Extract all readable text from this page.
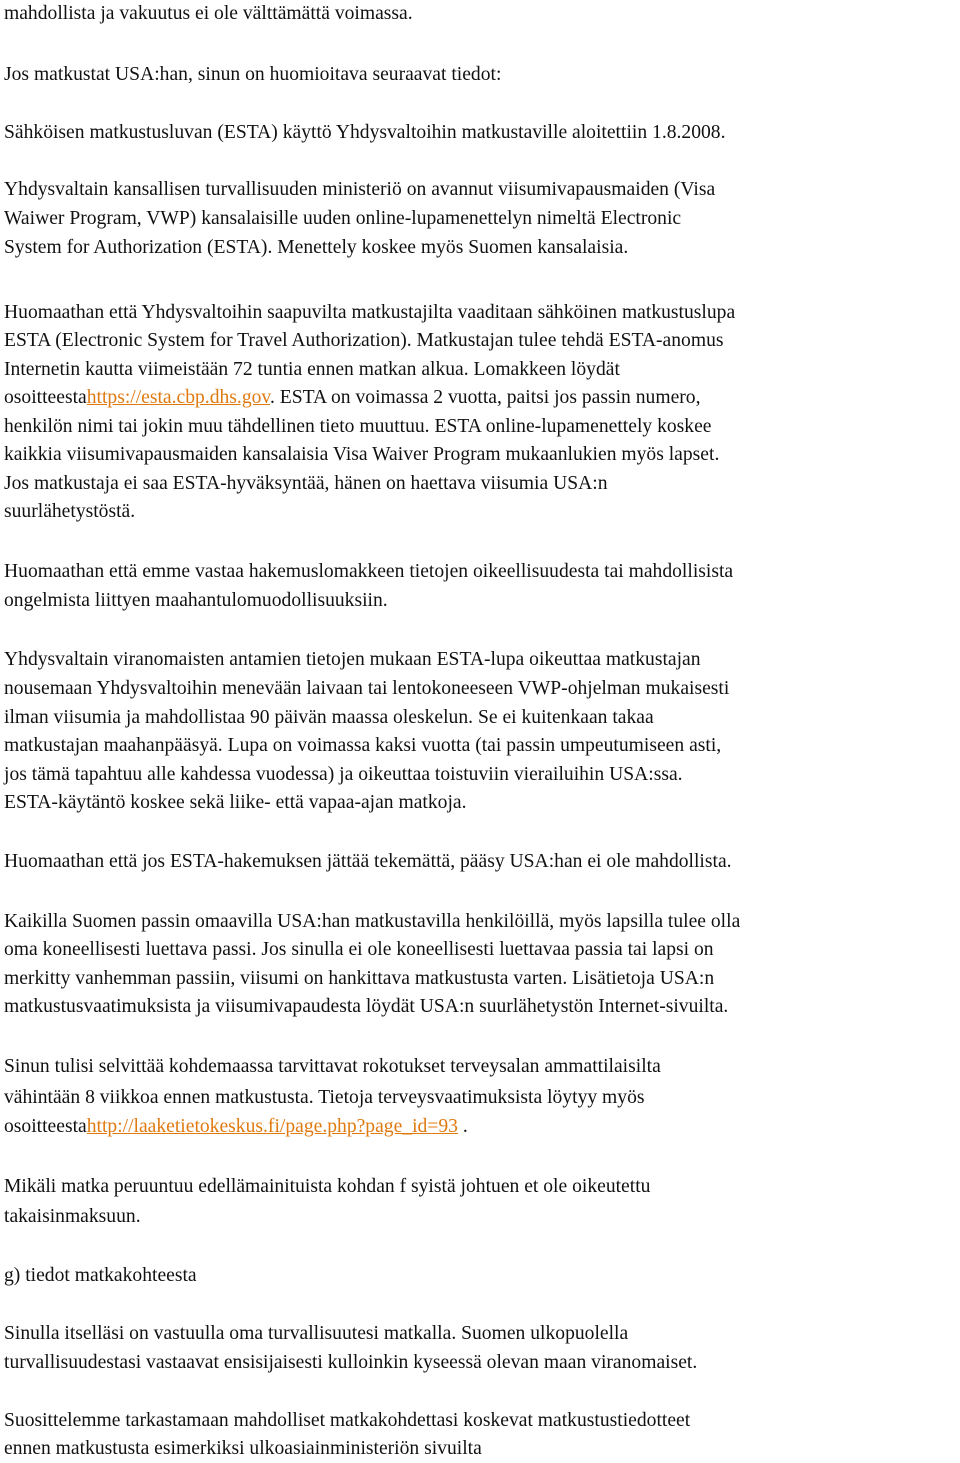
mahdollista ja vakuutus ei ole välttämättä voimassa.
Jos matkustat USA:han, sinun on huomioitava seuraavat tiedot:
Sähköisen matkustusluvan (ESTA) käyttö Yhdysvaltoihin matkustaville aloitettiin 1.8.2008.
Yhdysvaltain kansallisen turvallisuuden ministeriö on avannut viisumivapausmaiden (Visa
Waiwer Program, VWP) kansalaisille uuden online-lupamenettelyn nimeltä Electronic
System for Authorization (ESTA). Menettely koskee myös Suomen kansalaisia.
Huomaathan että Yhdysvaltoihin saapuvilta matkustajilta vaaditaan sähköinen matkustuslupa
ESTA (Electronic System for Travel Authorization). Matkustajan tulee tehdä ESTA-anomus
Internetin kautta viimeistään 72 tuntia ennen matkan alkua. Lomakkeen löydät
osoitteestahttps://esta.cbp.dhs.gov. ESTA on voimassa 2 vuotta, paitsi jos passin numero,
henkilön nimi tai jokin muu tähdellinen tieto muuttuu. ESTA online-lupamenettely koskee
kaikkia viisumivapausmaiden kansalaisia Visa Waiver Program mukaanlukien myös lapset.
Jos matkustaja ei saa ESTA-hyväksyntää, hänen on haettava viisumia USA:n
suurlähetystöstä.
Huomaathan että emme vastaa hakemuslomakkeen tietojen oikeellisuudesta tai mahdollisista
ongelmista liittyen maahantulomuodollisuuksiin.
Yhdysvaltain viranomaisten antamien tietojen mukaan ESTA-lupa oikeuttaa matkustajan
nousemaan Yhdysvaltoihin menevään laivaan tai lentokoneeseen VWP-ohjelman mukaisesti
ilman viisumia ja mahdollistaa 90 päivän maassa oleskelun. Se ei kuitenkaan takaa
matkustajan maahanpääsyä. Lupa on voimassa kaksi vuotta (tai passin umpeutumiseen asti,
jos tämä tapahtuu alle kahdessa vuodessa) ja oikeuttaa toistuviin vierailuihin USA:ssa.
ESTA-käytäntö koskee sekä liike- että vapaa-ajan matkoja.
Huomaathan että jos ESTA-hakemuksen jättää tekemättä, pääsy USA:han ei ole mahdollista.
Kaikilla Suomen passin omaavilla USA:han matkustavilla henkilöillä, myös lapsilla tulee olla
oma koneellisesti luettava passi. Jos sinulla ei ole koneellisesti luettavaa passia tai lapsi on
merkitty vanhemman passiin, viisumi on hankittava matkustusta varten. Lisätietoja USA:n
matkustusvaatimuksista ja viisumivapaudesta löydät USA:n suurlähetystön Internet-sivuilta.
Sinun tulisi selvittää kohdemaassa tarvittavat rokotukset terveysalan ammattilaisilta
vähintään 8 viikkoa ennen matkustusta. Tietoja terveysvaatimuksista löytyy myös
osoitteestahttp://laaketietokeskus.fi/page.php?page_id=93 .
Mikäli matka peruuntuu edellämainituista kohdan f syistä johtuen et ole oikeutettu
takaisinmaksuun.
g) tiedot matkakohteesta
Sinulla itselläsi on vastuulla oma turvallisuutesi matkalla. Suomen ulkopuolella
turvallisuudestasi vastaavat ensisijaisesti kulloinkin kyseessä olevan maan viranomaiset.
Suosittelemme tarkastamaan mahdolliset matkakohdettasi koskevat matkustustiedotteet
ennen matkustusta esimerkiksi ulkoasiainministeriön sivuilta
